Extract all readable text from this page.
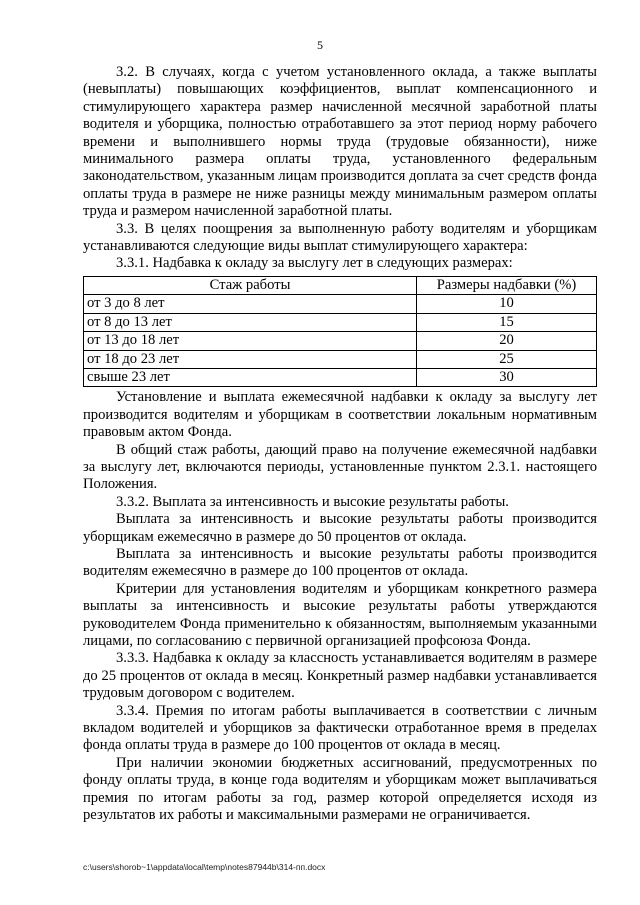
5

3.2. В случаях, когда с учетом установленного оклада, а также выплаты (невыплаты) повышающих коэффициентов, выплат компенсационного и стимулирующего характера размер начисленной месячной заработной платы водителя и уборщика, полностью отработавшего за этот период норму рабочего времени и выполнившего нормы труда (трудовые обязанности), ниже минимального размера оплаты труда, установленного федеральным законодательством, указанным лицам производится доплата за счет средств фонда оплаты труда в размере не ниже разницы между минимальным размером оплаты труда и размером начисленной заработной платы.

3.3. В целях поощрения за выполненную работу водителям и уборщикам устанавливаются следующие виды выплат стимулирующего характера:

3.3.1. Надбавка к окладу за выслугу лет в следующих размерах:

Стаж работы	Размеры надбавки (%)
от 3 до 8 лет	10
от 8 до 13 лет	15
от 13 до 18 лет	20
от 18 до 23 лет	25
свыше 23 лет	30

Установление и выплата ежемесячной надбавки к окладу за выслугу лет производится водителям и уборщикам в соответствии локальным нормативным правовым актом Фонда.

В общий стаж работы, дающий право на получение ежемесячной надбавки за выслугу лет, включаются периоды, установленные пунктом 2.3.1. настоящего Положения.

3.3.2. Выплата за интенсивность и высокие результаты работы.

Выплата за интенсивность и высокие результаты работы производится уборщикам ежемесячно в размере до 50 процентов от оклада.

Выплата за интенсивность и высокие результаты работы производится водителям ежемесячно в размере до 100 процентов от оклада.

Критерии для установления водителям и уборщикам конкретного размера выплаты за интенсивность и высокие результаты работы утверждаются руководителем Фонда применительно к обязанностям, выполняемым указанными лицами, по согласованию с первичной организацией профсоюза Фонда.

3.3.3. Надбавка к окладу за классность устанавливается водителям в размере до 25 процентов от оклада в месяц. Конкретный размер надбавки устанавливается трудовым договором с водителем.

3.3.4. Премия по итогам работы выплачивается в соответствии с личным вкладом водителей и уборщиков за фактически отработанное время в пределах фонда оплаты труда в размере до 100 процентов от оклада в месяц.

При наличии экономии бюджетных ассигнований, предусмотренных по фонду оплаты труда, в конце года водителям и уборщикам может выплачиваться премия по итогам работы за год, размер которой определяется исходя из результатов их работы и максимальными размерами не ограничивается.

c:\users\shorob~1\appdata\local\temp\notes87944b\314-пп.docx
